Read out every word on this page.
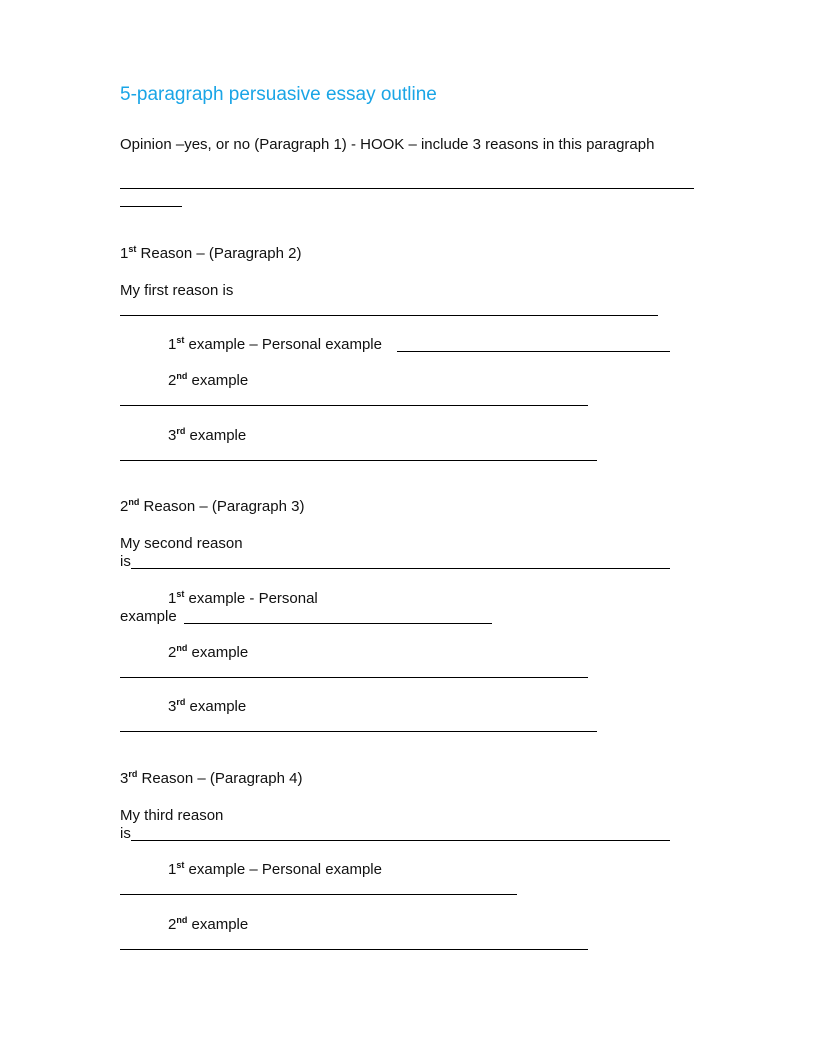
5-paragraph persuasive essay outline
Opinion –yes, or no (Paragraph 1) - HOOK – include 3 reasons in this paragraph
1st Reason – (Paragraph 2)
My first reason is
1st example – Personal example
2nd example
3rd example
2nd Reason – (Paragraph 3)
My second reason
is
1st example - Personal
example
2nd example
3rd example
3rd Reason – (Paragraph 4)
My third reason
is
1st example – Personal example
2nd example
